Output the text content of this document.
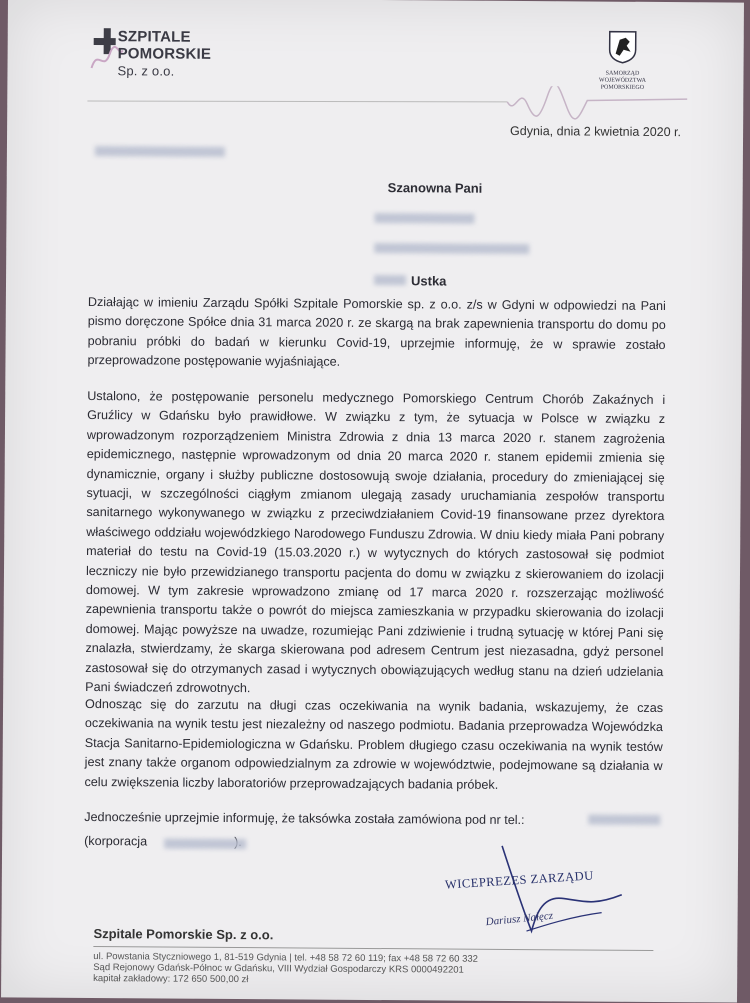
SZPITALE
POMORSKIE Sp. z o.o.	SAMORZĄD
WOJEWÓDZTWA POMORSKIEGO
Gdynia, dnia 2 kwietnia 2020 r.
Szanowna Pani
Ustka

Działając w imieniu Zarządu Spółki Szpitale Pomorskie sp. z o.o. z/s w Gdyni w odpowiedzi na Pani pismo doręczone Spółce dnia 31 marca 2020 r. ze skargą na brak zapewnienia transportu do domu po pobraniu próbki do badań w kierunku Covid-19, uprzejmie informuję, że w sprawie zostało przeprowadzone postępowanie wyjaśniające.

Ustalono, że postępowanie personelu medycznego Pomorskiego Centrum Chorób Zakaźnych i Gruźlicy w Gdańsku było prawidłowe. W związku z tym, że sytuacja w Polsce w związku z wprowadzonym rozporządzeniem Ministra Zdrowia z dnia 13 marca 2020 r. stanem zagrożenia epidemicznego, następnie wprowadzonym od dnia 20 marca 2020 r. stanem epidemii zmienia się dynamicznie, organy i służby publiczne dostosowują swoje działania, procedury do zmieniającej się sytuacji, w szczególności ciągłym zmianom ulegają zasady uruchamiania zespołów transportu sanitarnego wykonywanego w związku z przeciwdziałaniem Covid-19 finansowane przez dyrektora właściwego oddziału wojewódzkiego Narodowego Funduszu Zdrowia. W dniu kiedy miała Pani pobrany materiał do testu na Covid-19 (15.03.2020 r.) w wytycznych do których zastosował się podmiot leczniczy nie było przewidzianego transportu pacjenta do domu w związku z skierowaniem do izolacji domowej. W tym zakresie wprowadzono zmianę od 17 marca 2020 r. rozszerzając możliwość zapewnienia transportu także o powrót do miejsca zamieszkania w przypadku skierowania do izolacji domowej. Mając powyższe na uwadze, rozumiejąc Pani zdziwienie i trudną sytuację w której Pani się znalazła, stwierdzamy, że skarga skierowana pod adresem Centrum jest niezasadna, gdyż personel zastosował się do otrzymanych zasad i wytycznych obowiązujących według stanu na dzień udzielania Pani świadczeń zdrowotnych.

Odnosząc się do zarzutu na długi czas oczekiwania na wynik badania, wskazujemy, że czas oczekiwania na wynik testu jest niezależny od naszego podmiotu. Badania przeprowadza Wojewódzka Stacja Sanitarno-Epidemiologiczna w Gdańsku. Problem długiego czasu oczekiwania na wynik testów jest znany także organom odpowiedzialnym za zdrowie w województwie, podejmowane są działania w celu zwiększenia liczby laboratoriów przeprowadzających badania próbek.

Jednocześnie uprzejmie informuję, że taksówka została zamówiona pod nr tel.:

(korporacja
WICEPREZES ZARZĄDU
Dariusz Nałęcz
Szpitale Pomorskie Sp. z o.o.
ul. Powstania Styczniowego 1, 81-519 Gdynia | tel. +48 58 72 60 119; fax +48 58 72 60 332
Sąd Rejonowy Gdańsk-Północ w Gdańsku, VIII Wydział Gospodarczy KRS 0000492201
kapitał zakładowy: 172 650 500,00 zł
